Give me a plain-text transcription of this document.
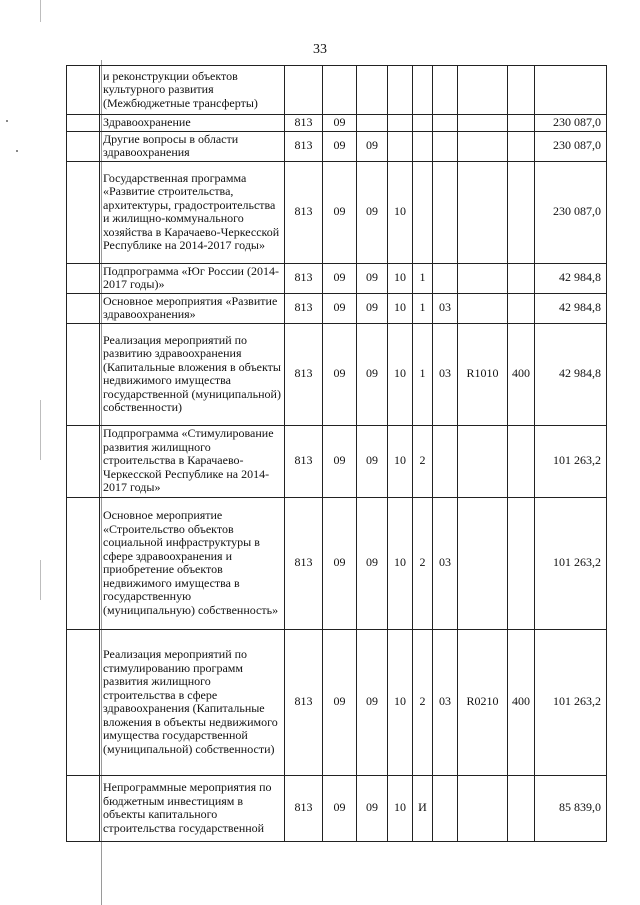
33
	и реконструкции объектов культурного развития (Межбюджетные трансферты)									
	Здравоохранение	813	09							230 087,0
	Другие вопросы в области здравоохранения	813	09	09						230 087,0
	Государственная программа «Развитие строительства, архитектуры, градостроительства и жилищно-коммунального хозяйства в Карачаево-Черкесской Республике на 2014-2017 годы»	813	09	09	10					230 087,0
	Подпрограмма «Юг России (2014-2017 годы)»	813	09	09	10	1				42 984,8
	Основное мероприятия «Развитие здравоохранения»	813	09	09	10	1	03			42 984,8
	Реализация мероприятий по развитию здравоохранения (Капитальные вложения в объекты недвижимого имущества государственной (муниципальной) собственности)	813	09	09	10	1	03	R1010	400	42 984,8
	Подпрограмма «Стимулирование развития жилищного строительства в Карачаево-Черкесской Республике на 2014-2017 годы»	813	09	09	10	2				101 263,2
	Основное мероприятие «Строительство объектов социальной инфраструктуры в сфере здравоохранения и приобретение объектов недвижимого имущества в государственную (муниципальную) собственность»	813	09	09	10	2	03			101 263,2
	Реализация мероприятий по стимулированию программ развития жилищного строительства в сфере здравоохранения (Капитальные вложения в объекты недвижимого имущества государственной (муниципальной) собственности)	813	09	09	10	2	03	R0210	400	101 263,2
	Непрограммные мероприятия по бюджетным инвестициям в объекты капитального строительства государственной	813	09	09	10	И				85 839,0
